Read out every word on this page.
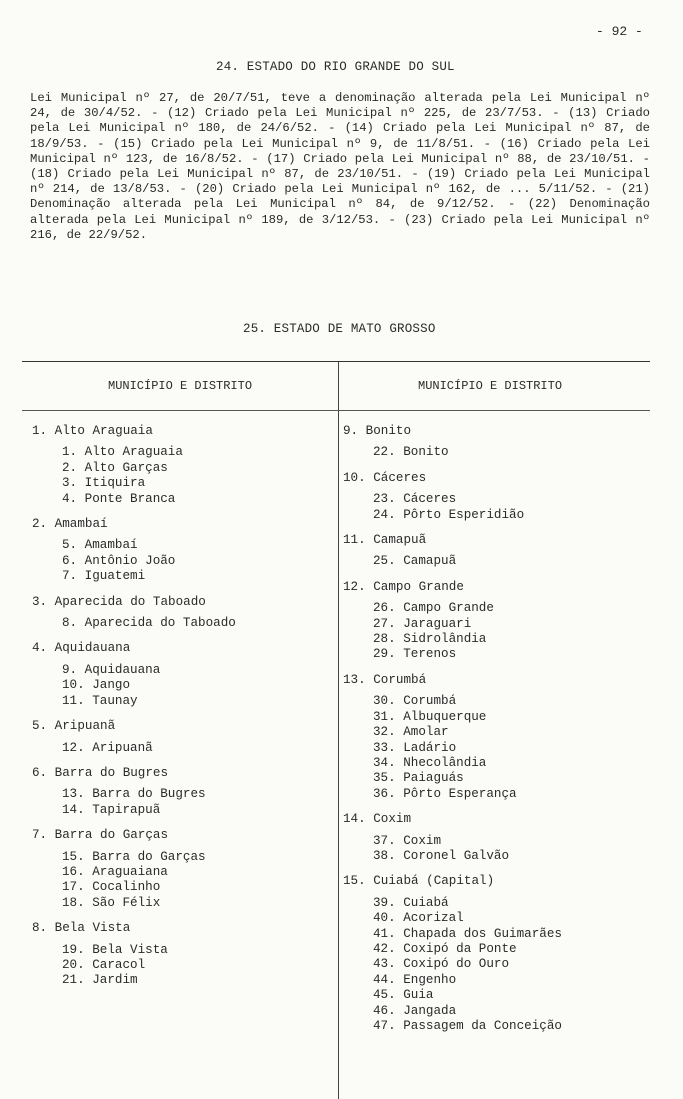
- 92 -
24. ESTADO DO RIO GRANDE DO SUL
Lei Municipal nº 27, de 20/7/51, teve a denominação alterada pela Lei Municipal nº 24, de 30/4/52. - (12) Criado pela Lei Municipal nº 225, de 23/7/53. - (13) Criado pela Lei Municipal nº 180, de 24/6/52. - (14) Criado pela Lei Municipal nº 87, de 18/9/53. - (15) Criado pela Lei Municipal nº 9, de 11/8/51. - (16) Criado pela Lei Municipal nº 123, de 16/8/52. - (17) Criado pela Lei Municipal nº 88, de 23/10/51. - (18) Criado pela Lei Municipal nº 87, de 23/10/51. - (19) Criado pela Lei Municipal nº 214, de 13/8/53. - (20) Criado pela Lei Municipal nº 162, de ... 5/11/52. - (21) Denominação alterada pela Lei Municipal nº 84, de 9/12/52. - (22) Denominação alterada pela Lei Municipal nº 189, de 3/12/53. - (23) Criado pela Lei Municipal nº 216, de 22/9/52.
25. ESTADO DE MATO GROSSO
MUNICÍPIO E DISTRITO	MUNICÍPIO E DISTRITO
1. Alto Araguaia
1. Alto Araguaia
2. Alto Garças
3. Itiquira
4. Ponte Branca
2. Amambaí
5. Amambaí
6. Antônio João
7. Iguatemi
3. Aparecida do Taboado
8. Aparecida do Taboado
4. Aquidauana
9. Aquidauana
10. Jango
11. Taunay
5. Aripuanã
12. Aripuanã
6. Barra do Bugres
13. Barra do Bugres
14. Tapirapuã
7. Barra do Garças
15. Barra do Garças
16. Araguaiana
17. Cocalinho
18. São Félix
8. Bela Vista
19. Bela Vista
20. Caracol
21. Jardim
9. Bonito
22. Bonito
10. Cáceres
23. Cáceres
24. Pôrto Esperidião
11. Camapuã
25. Camapuã
12. Campo Grande
26. Campo Grande
27. Jaraguari
28. Sidrolândia
29. Terenos
13. Corumbá
30. Corumbá
31. Albuquerque
32. Amolar
33. Ladário
34. Nhecolândia
35. Paiaguás
36. Pôrto Esperança
14. Coxim
37. Coxim
38. Coronel Galvão
15. Cuiabá (Capital)
39. Cuiabá
40. Acorizal
41. Chapada dos Guimarães
42. Coxipó da Ponte
43. Coxipó do Ouro
44. Engenho
45. Guia
46. Jangada
47. Passagem da Conceição
